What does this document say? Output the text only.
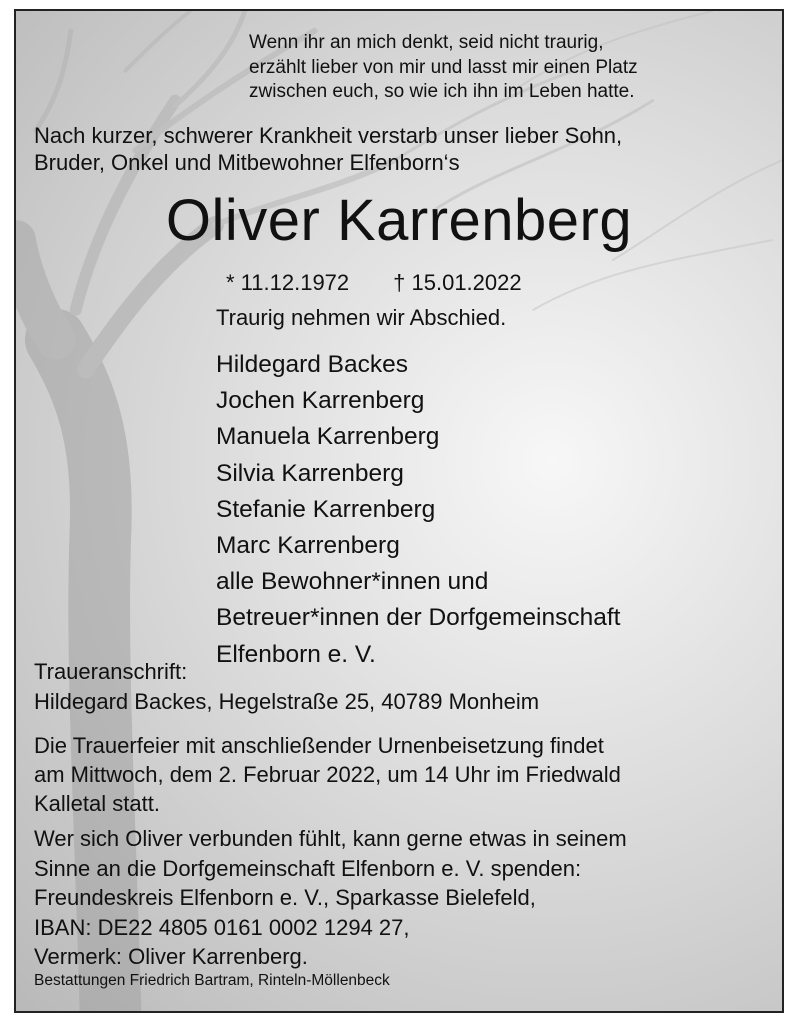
Wenn ihr an mich denkt, seid nicht traurig,
erzählt lieber von mir und lasst mir einen Platz
zwischen euch, so wie ich ihn im Leben hatte.
Nach kurzer, schwerer Krankheit verstarb unser lieber Sohn,
Bruder, Onkel und Mitbewohner Elfenborn‘s
Oliver Karrenberg
* 11.12.1972 † 15.01.2022
Traurig nehmen wir Abschied.
Hildegard Backes
Jochen Karrenberg
Manuela Karrenberg
Silvia Karrenberg
Stefanie Karrenberg
Marc Karrenberg
alle Bewohner*innen und
Betreuer*innen der Dorfgemeinschaft
Elfenborn e. V.
Traueranschrift:
Hildegard Backes, Hegelstraße 25, 40789 Monheim
Die Trauerfeier mit anschließender Urnenbeisetzung findet
am Mittwoch, dem 2. Februar 2022, um 14 Uhr im Friedwald
Kalletal statt.
Wer sich Oliver verbunden fühlt, kann gerne etwas in seinem
Sinne an die Dorfgemeinschaft Elfenborn e. V. spenden:
Freundeskreis Elfenborn e. V., Sparkasse Bielefeld,
IBAN: DE22 4805 0161 0002 1294 27,
Vermerk: Oliver Karrenberg.
Bestattungen Friedrich Bartram, Rinteln-Möllenbeck
